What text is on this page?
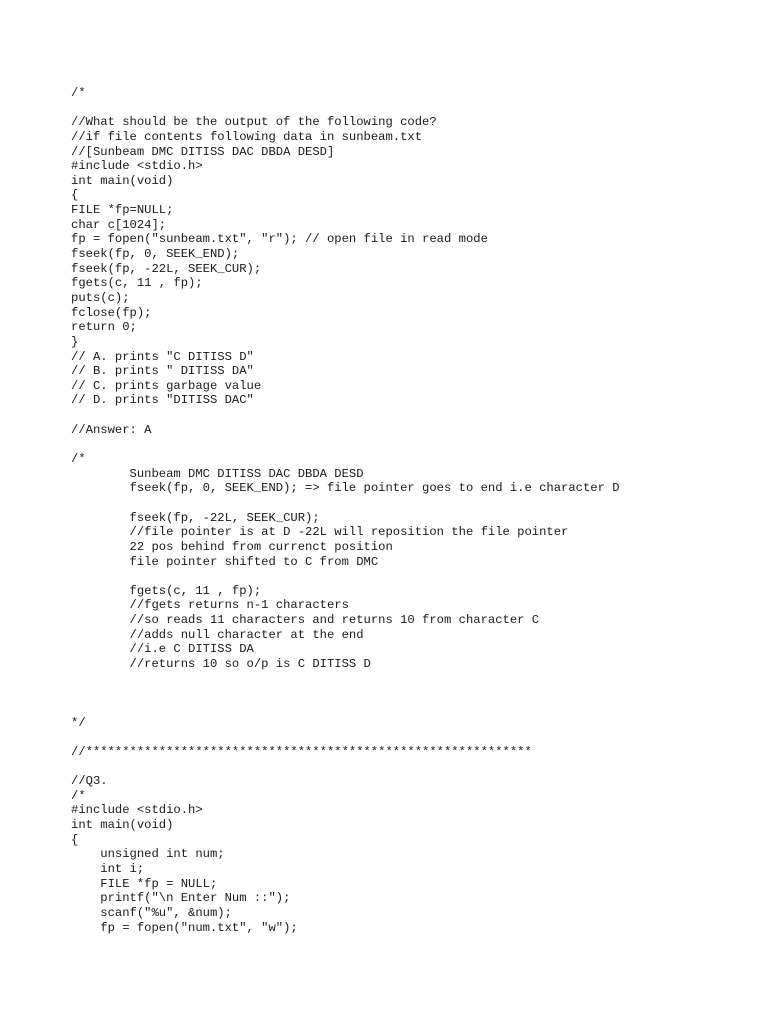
/*
//What should be the output of the following code?
//if file contents following data in sunbeam.txt
//[Sunbeam DMC DITISS DAC DBDA DESD]
#include <stdio.h>
int main(void)
{
FILE *fp=NULL;
char c[1024];
fp = fopen("sunbeam.txt", "r"); // open file in read mode
fseek(fp, 0, SEEK_END);
fseek(fp, -22L, SEEK_CUR);
fgets(c, 11 , fp);
puts(c);
fclose(fp);
return 0;
}
// A. prints "C DITISS D"
// B. prints " DITISS DA"
// C. prints garbage value
// D. prints "DITISS DAC"
//Answer: A
/*
Sunbeam DMC DITISS DAC DBDA DESD
fseek(fp, 0, SEEK_END); => file pointer goes to end i.e character D
fseek(fp, -22L, SEEK_CUR);
//file pointer is at D -22L will reposition the file pointer
22 pos behind from currenct position
file pointer shifted to C from DMC
fgets(c, 11 , fp);
//fgets returns n-1 characters
//so reads 11 characters and returns 10 from character C
//adds null character at the end
//i.e C DITISS DA
//returns 10 so o/p is C DITISS D
*/
//*************************************************************
//Q3.
/*
#include <stdio.h>
int main(void)
{
unsigned int num;
int i;
FILE *fp = NULL;
printf("\n Enter Num ::");
scanf("%u", &num);
fp = fopen("num.txt", "w");
